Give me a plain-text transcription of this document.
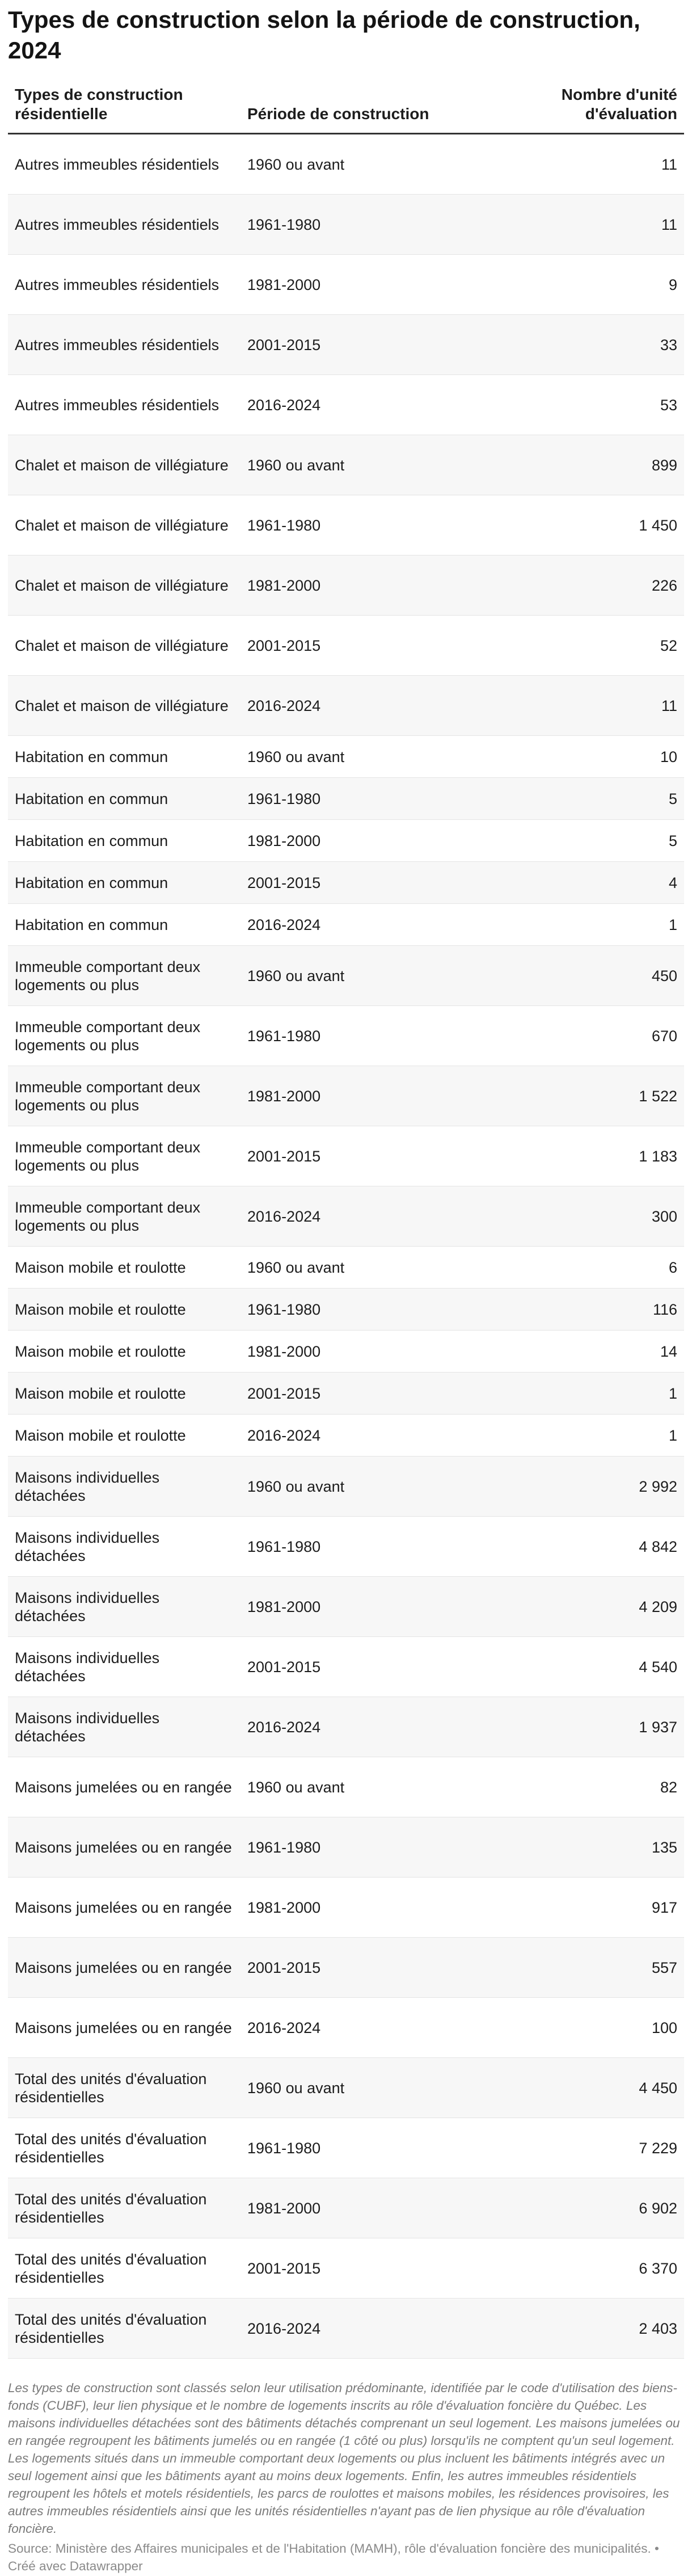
Types de construction selon la période de construction, 2024
Types de construction résidentielle	Période de construction	Nombre d'unité d'évaluation
Autres immeubles résidentiels	1960 ou avant	11
Autres immeubles résidentiels	1961-1980	11
Autres immeubles résidentiels	1981-2000	9
Autres immeubles résidentiels	2001-2015	33
Autres immeubles résidentiels	2016-2024	53
Chalet et maison de villégiature	1960 ou avant	899
Chalet et maison de villégiature	1961-1980	1 450
Chalet et maison de villégiature	1981-2000	226
Chalet et maison de villégiature	2001-2015	52
Chalet et maison de villégiature	2016-2024	11
Habitation en commun	1960 ou avant	10
Habitation en commun	1961-1980	5
Habitation en commun	1981-2000	5
Habitation en commun	2001-2015	4
Habitation en commun	2016-2024	1
Immeuble comportant deux logements ou plus	1960 ou avant	450
Immeuble comportant deux logements ou plus	1961-1980	670
Immeuble comportant deux logements ou plus	1981-2000	1 522
Immeuble comportant deux logements ou plus	2001-2015	1 183
Immeuble comportant deux logements ou plus	2016-2024	300
Maison mobile et roulotte	1960 ou avant	6
Maison mobile et roulotte	1961-1980	116
Maison mobile et roulotte	1981-2000	14
Maison mobile et roulotte	2001-2015	1
Maison mobile et roulotte	2016-2024	1
Maisons individuelles détachées	1960 ou avant	2 992
Maisons individuelles détachées	1961-1980	4 842
Maisons individuelles détachées	1981-2000	4 209
Maisons individuelles détachées	2001-2015	4 540
Maisons individuelles détachées	2016-2024	1 937
Maisons jumelées ou en rangée	1960 ou avant	82
Maisons jumelées ou en rangée	1961-1980	135
Maisons jumelées ou en rangée	1981-2000	917
Maisons jumelées ou en rangée	2001-2015	557
Maisons jumelées ou en rangée	2016-2024	100
Total des unités d'évaluation résidentielles	1960 ou avant	4 450
Total des unités d'évaluation résidentielles	1961-1980	7 229
Total des unités d'évaluation résidentielles	1981-2000	6 902
Total des unités d'évaluation résidentielles	2001-2015	6 370
Total des unités d'évaluation résidentielles	2016-2024	2 403
Les types de construction sont classés selon leur utilisation prédominante, identifiée par le code d'utilisation des biens-fonds (CUBF), leur lien physique et le nombre de logements inscrits au rôle d'évaluation foncière du Québec. Les maisons individuelles détachées sont des bâtiments détachés comprenant un seul logement. Les maisons jumelées ou en rangée regroupent les bâtiments jumelés ou en rangée (1 côté ou plus) lorsqu'ils ne comptent qu'un seul logement. Les logements situés dans un immeuble comportant deux logements ou plus incluent les bâtiments intégrés avec un seul logement ainsi que les bâtiments ayant au moins deux logements. Enfin, les autres immeubles résidentiels regroupent les hôtels et motels résidentiels, les parcs de roulottes et maisons mobiles, les résidences provisoires, les autres immeubles résidentiels ainsi que les unités résidentielles n'ayant pas de lien physique au rôle d'évaluation foncière.
Source: Ministère des Affaires municipales et de l'Habitation (MAMH), rôle d'évaluation foncière des municipalités. • Créé avec Datawrapper
